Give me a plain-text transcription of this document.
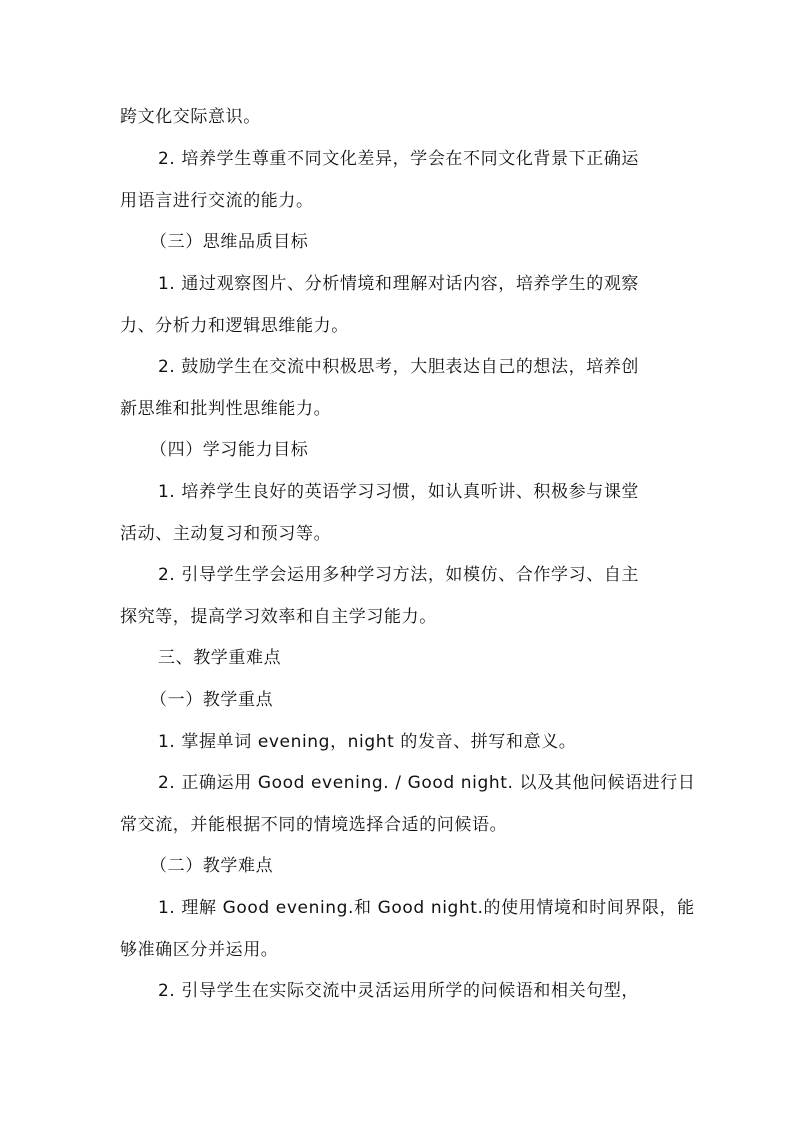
跨文化交际意识。
2. 培养学生尊重不同文化差异，学会在不同文化背景下正确运
用语言进行交流的能力。
（三）思维品质目标
1. 通过观察图片、分析情境和理解对话内容，培养学生的观察
力、分析力和逻辑思维能力。
2. 鼓励学生在交流中积极思考，大胆表达自己的想法，培养创
新思维和批判性思维能力。
（四）学习能力目标
1. 培养学生良好的英语学习习惯，如认真听讲、积极参与课堂
活动、主动复习和预习等。
2. 引导学生学会运用多种学习方法，如模仿、合作学习、自主
探究等，提高学习效率和自主学习能力。
三、教学重难点
（一）教学重点
1. 掌握单词 evening，night 的发音、拼写和意义。
2. 正确运用 Good evening. / Good night. 以及其他问候语进行日
常交流，并能根据不同的情境选择合适的问候语。
（二）教学难点
1. 理解 Good evening.和 Good night.的使用情境和时间界限，能
够准确区分并运用。
2. 引导学生在实际交流中灵活运用所学的问候语和相关句型，
